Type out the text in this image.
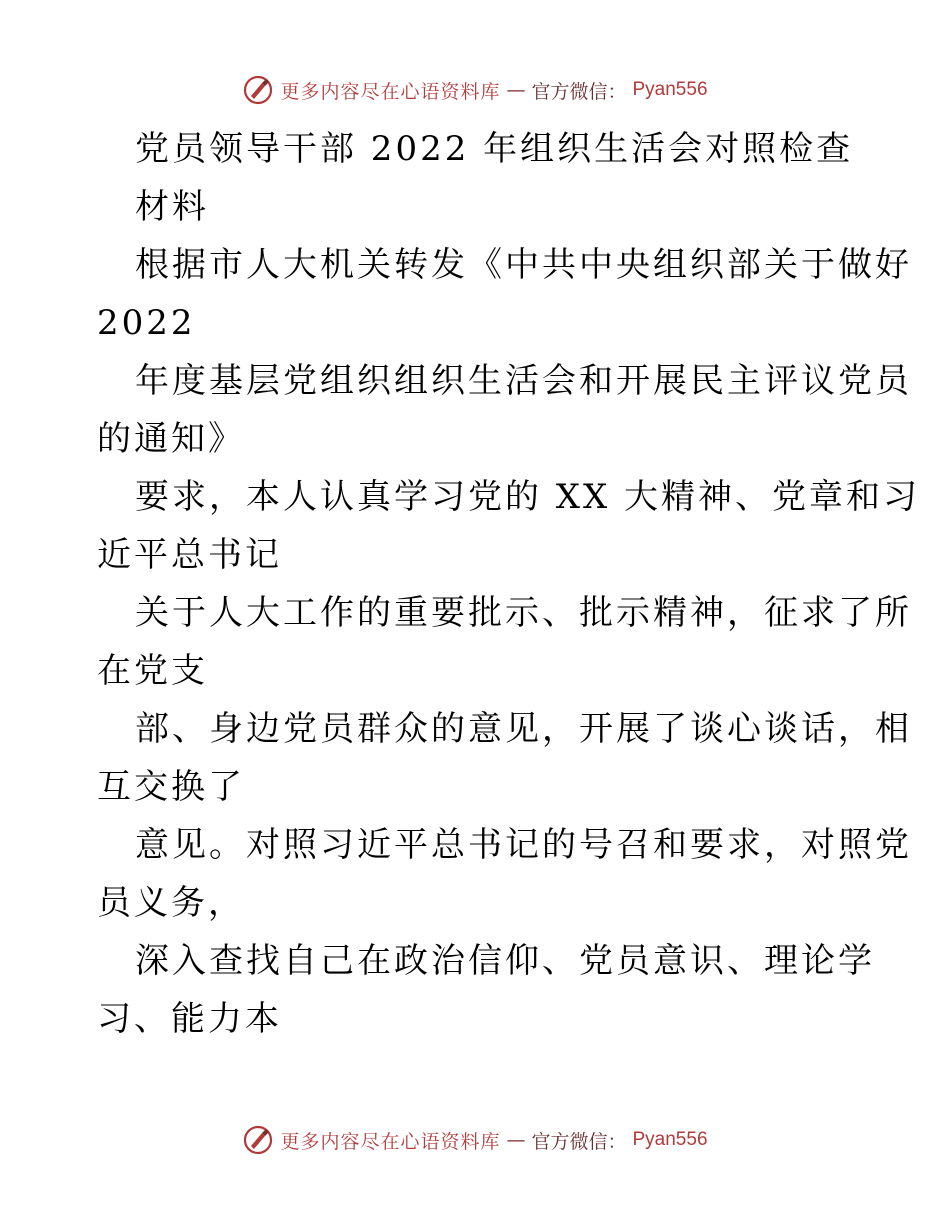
更多内容尽在心语资料库 — 官方微信： Pyan556
党员领导干部 2022 年组织生活会对照检查
材料
根据市人大机关转发《中共中央组织部关于做好
2022
年度基层党组织组织生活会和开展民主评议党员
的通知》
要求，本人认真学习党的 XX 大精神、党章和习
近平总书记
关于人大工作的重要批示、批示精神，征求了所
在党支
部、身边党员群众的意见，开展了谈心谈话，相
互交换了
意见。对照习近平总书记的号召和要求，对照党
员义务，
深入查找自己在政治信仰、党员意识、理论学
习、能力本
更多内容尽在心语资料库 — 官方微信： Pyan556
